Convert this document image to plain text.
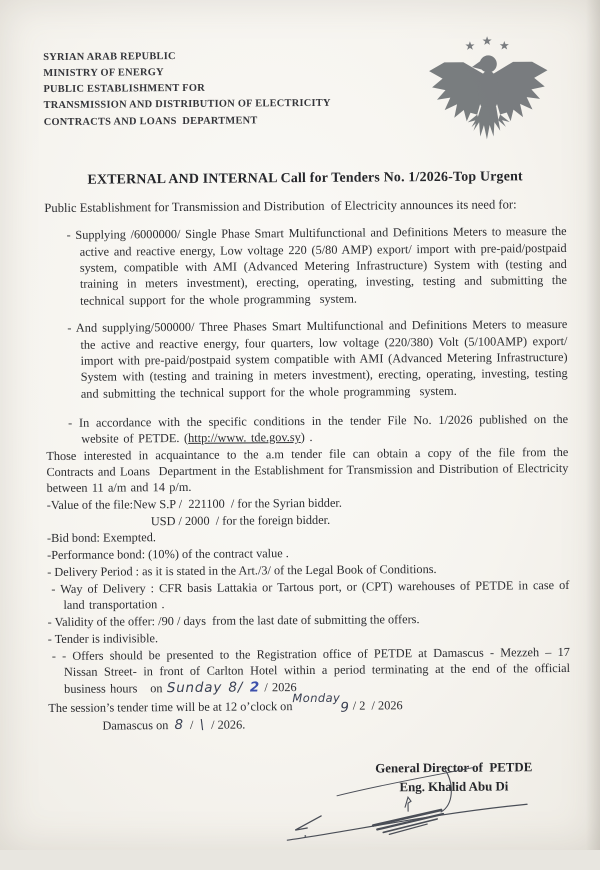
SYRIAN ARAB REPUBLIC
MINISTRY OF ENERGY
PUBLIC ESTABLISHMENT FOR
TRANSMISSION AND DISTRIBUTION OF ELECTRICITY
CONTRACTS AND LOANS  DEPARTMENT
EXTERNAL AND INTERNAL Call for Tenders No. 1/2026-Top Urgent
Public Establishment for Transmission and Distribution  of Electricity announces its need for:
- Supplying /6000000/ Single Phase Smart Multifunctional and Definitions Meters to measure the active and reactive energy, Low voltage 220 (5/80 AMP) export/ import with pre-paid/postpaid system, compatible with AMI (Advanced Metering Infrastructure) System with (testing and training in meters investment), erecting, operating, investing, testing and submitting the technical support for the whole programming  system.
- And supplying/500000/ Three Phases Smart Multifunctional and Definitions Meters to measure the active and reactive energy, four quarters, low voltage (220/380) Volt (5/100AMP) export/ import with pre-paid/postpaid system compatible with AMI (Advanced Metering Infrastructure) System with (testing and training in meters investment), erecting, operating, investing, testing and submitting the technical support for the whole programming  system.
- In accordance with the specific conditions in the tender File No. 1/2026 published on the website of PETDE. (http://www. tde.gov.sy) .
Those interested in acquaintance to the a.m tender file can obtain a copy of the file from the Contracts and Loans  Department in the Establishment for Transmission and Distribution of Electricity between 11 a/m and 14 p/m.
-Value of the file:New S.P /  221100  / for the Syrian bidder.
USD / 2000  / for the foreign bidder.
-Bid bond: Exempted.
-Performance bond: (10%) of the contract value .
- Delivery Period : as it is stated in the Art./3/ of the Legal Book of Conditions.
- Way of Delivery : CFR basis Lattakia or Tartous port, or (CPT) warehouses of PETDE in case of land transportation .
- Validity of the offer: /90 / days  from the last date of submitting the offers.
- Tender is indivisible.
- - Offers should be presented to the Registration office of PETDE at Damascus - Mezzeh – 17 Nissan Street- in front of Carlton Hotel within a period terminating at the end of the official business hours   on Sunday 8/ 2 / 2026
The session’s tender time will be at 12 o’clock onMonday9 / 2  / 2026
Damascus on  8  /  \  / 2026.
General Director of  PETDE
Eng. Khalid Abu Di
